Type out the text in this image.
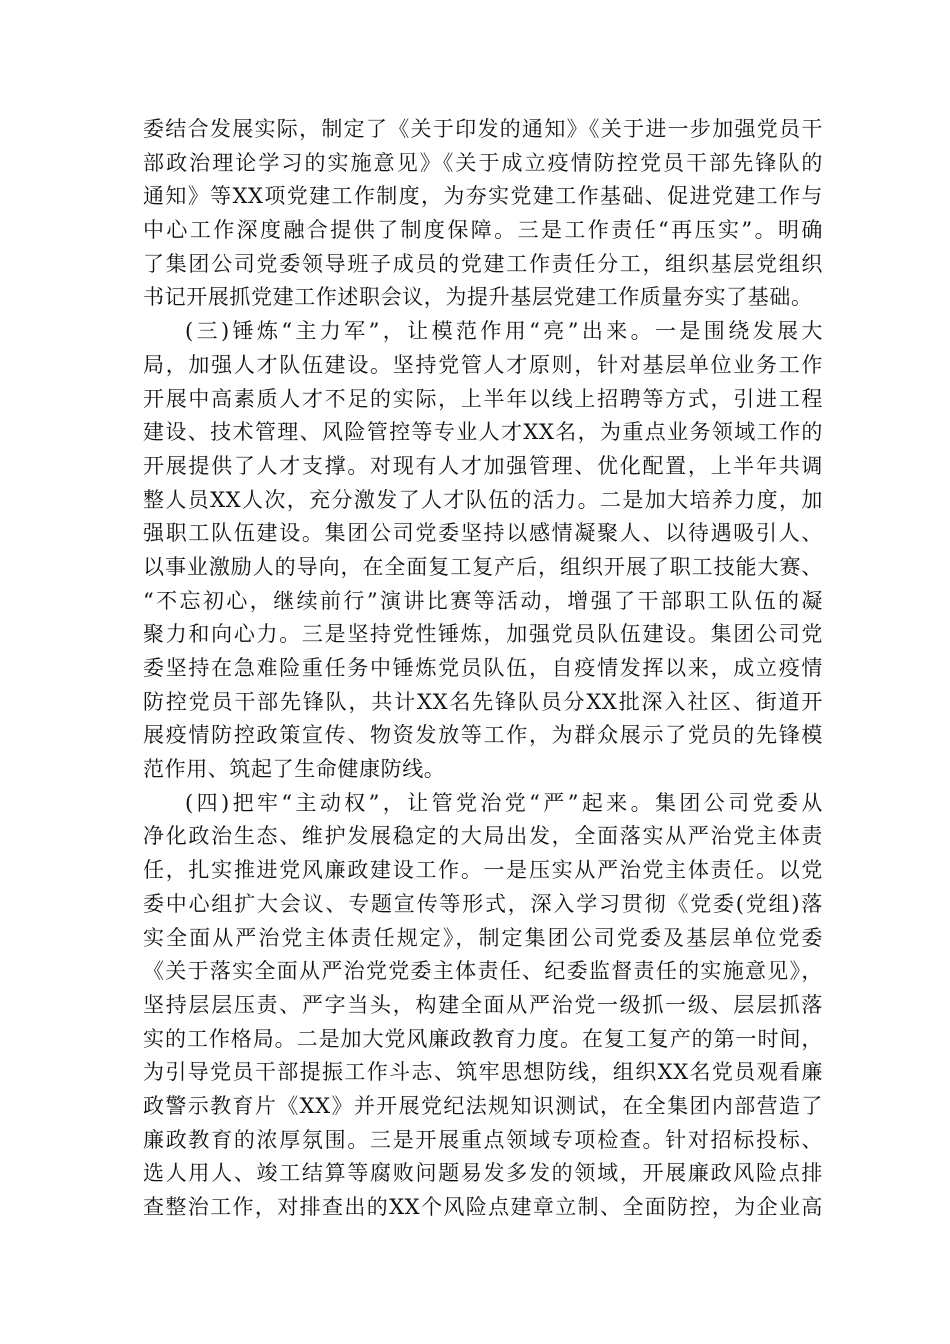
委结合发展实际，制定了《关于印发的通知》《关于进一步加强党员干
部政治理论学习的实施意见》《关于成立疫情防控党员干部先锋队的
通知》等XX项党建工作制度，为夯实党建工作基础、促进党建工作与
中心工作深度融合提供了制度保障。三是工作责任“再压实”。明确
了集团公司党委领导班子成员的党建工作责任分工，组织基层党组织
书记开展抓党建工作述职会议，为提升基层党建工作质量夯实了基础。
(三)锤炼“主力军”，让模范作用“亮”出来。一是围绕发展大
局，加强人才队伍建设。坚持党管人才原则，针对基层单位业务工作
开展中高素质人才不足的实际，上半年以线上招聘等方式，引进工程
建设、技术管理、风险管控等专业人才XX名，为重点业务领域工作的
开展提供了人才支撑。对现有人才加强管理、优化配置，上半年共调
整人员XX人次，充分激发了人才队伍的活力。二是加大培养力度，加
强职工队伍建设。集团公司党委坚持以感情凝聚人、以待遇吸引人、
以事业激励人的导向，在全面复工复产后，组织开展了职工技能大赛、
“不忘初心，继续前行”演讲比赛等活动，增强了干部职工队伍的凝
聚力和向心力。三是坚持党性锤炼，加强党员队伍建设。集团公司党
委坚持在急难险重任务中锤炼党员队伍，自疫情发挥以来，成立疫情
防控党员干部先锋队，共计XX名先锋队员分XX批深入社区、街道开
展疫情防控政策宣传、物资发放等工作，为群众展示了党员的先锋模
范作用、筑起了生命健康防线。
(四)把牢“主动权”，让管党治党“严”起来。集团公司党委从
净化政治生态、维护发展稳定的大局出发，全面落实从严治党主体责
任，扎实推进党风廉政建设工作。一是压实从严治党主体责任。以党
委中心组扩大会议、专题宣传等形式，深入学习贯彻《党委(党组)落
实全面从严治党主体责任规定》，制定集团公司党委及基层单位党委
《关于落实全面从严治党党委主体责任、纪委监督责任的实施意见》，
坚持层层压责、严字当头，构建全面从严治党一级抓一级、层层抓落
实的工作格局。二是加大党风廉政教育力度。在复工复产的第一时间，
为引导党员干部提振工作斗志、筑牢思想防线，组织XX名党员观看廉
政警示教育片《XX》并开展党纪法规知识测试，在全集团内部营造了
廉政教育的浓厚氛围。三是开展重点领域专项检查。针对招标投标、
选人用人、竣工结算等腐败问题易发多发的领域，开展廉政风险点排
查整治工作，对排查出的XX个风险点建章立制、全面防控，为企业高
